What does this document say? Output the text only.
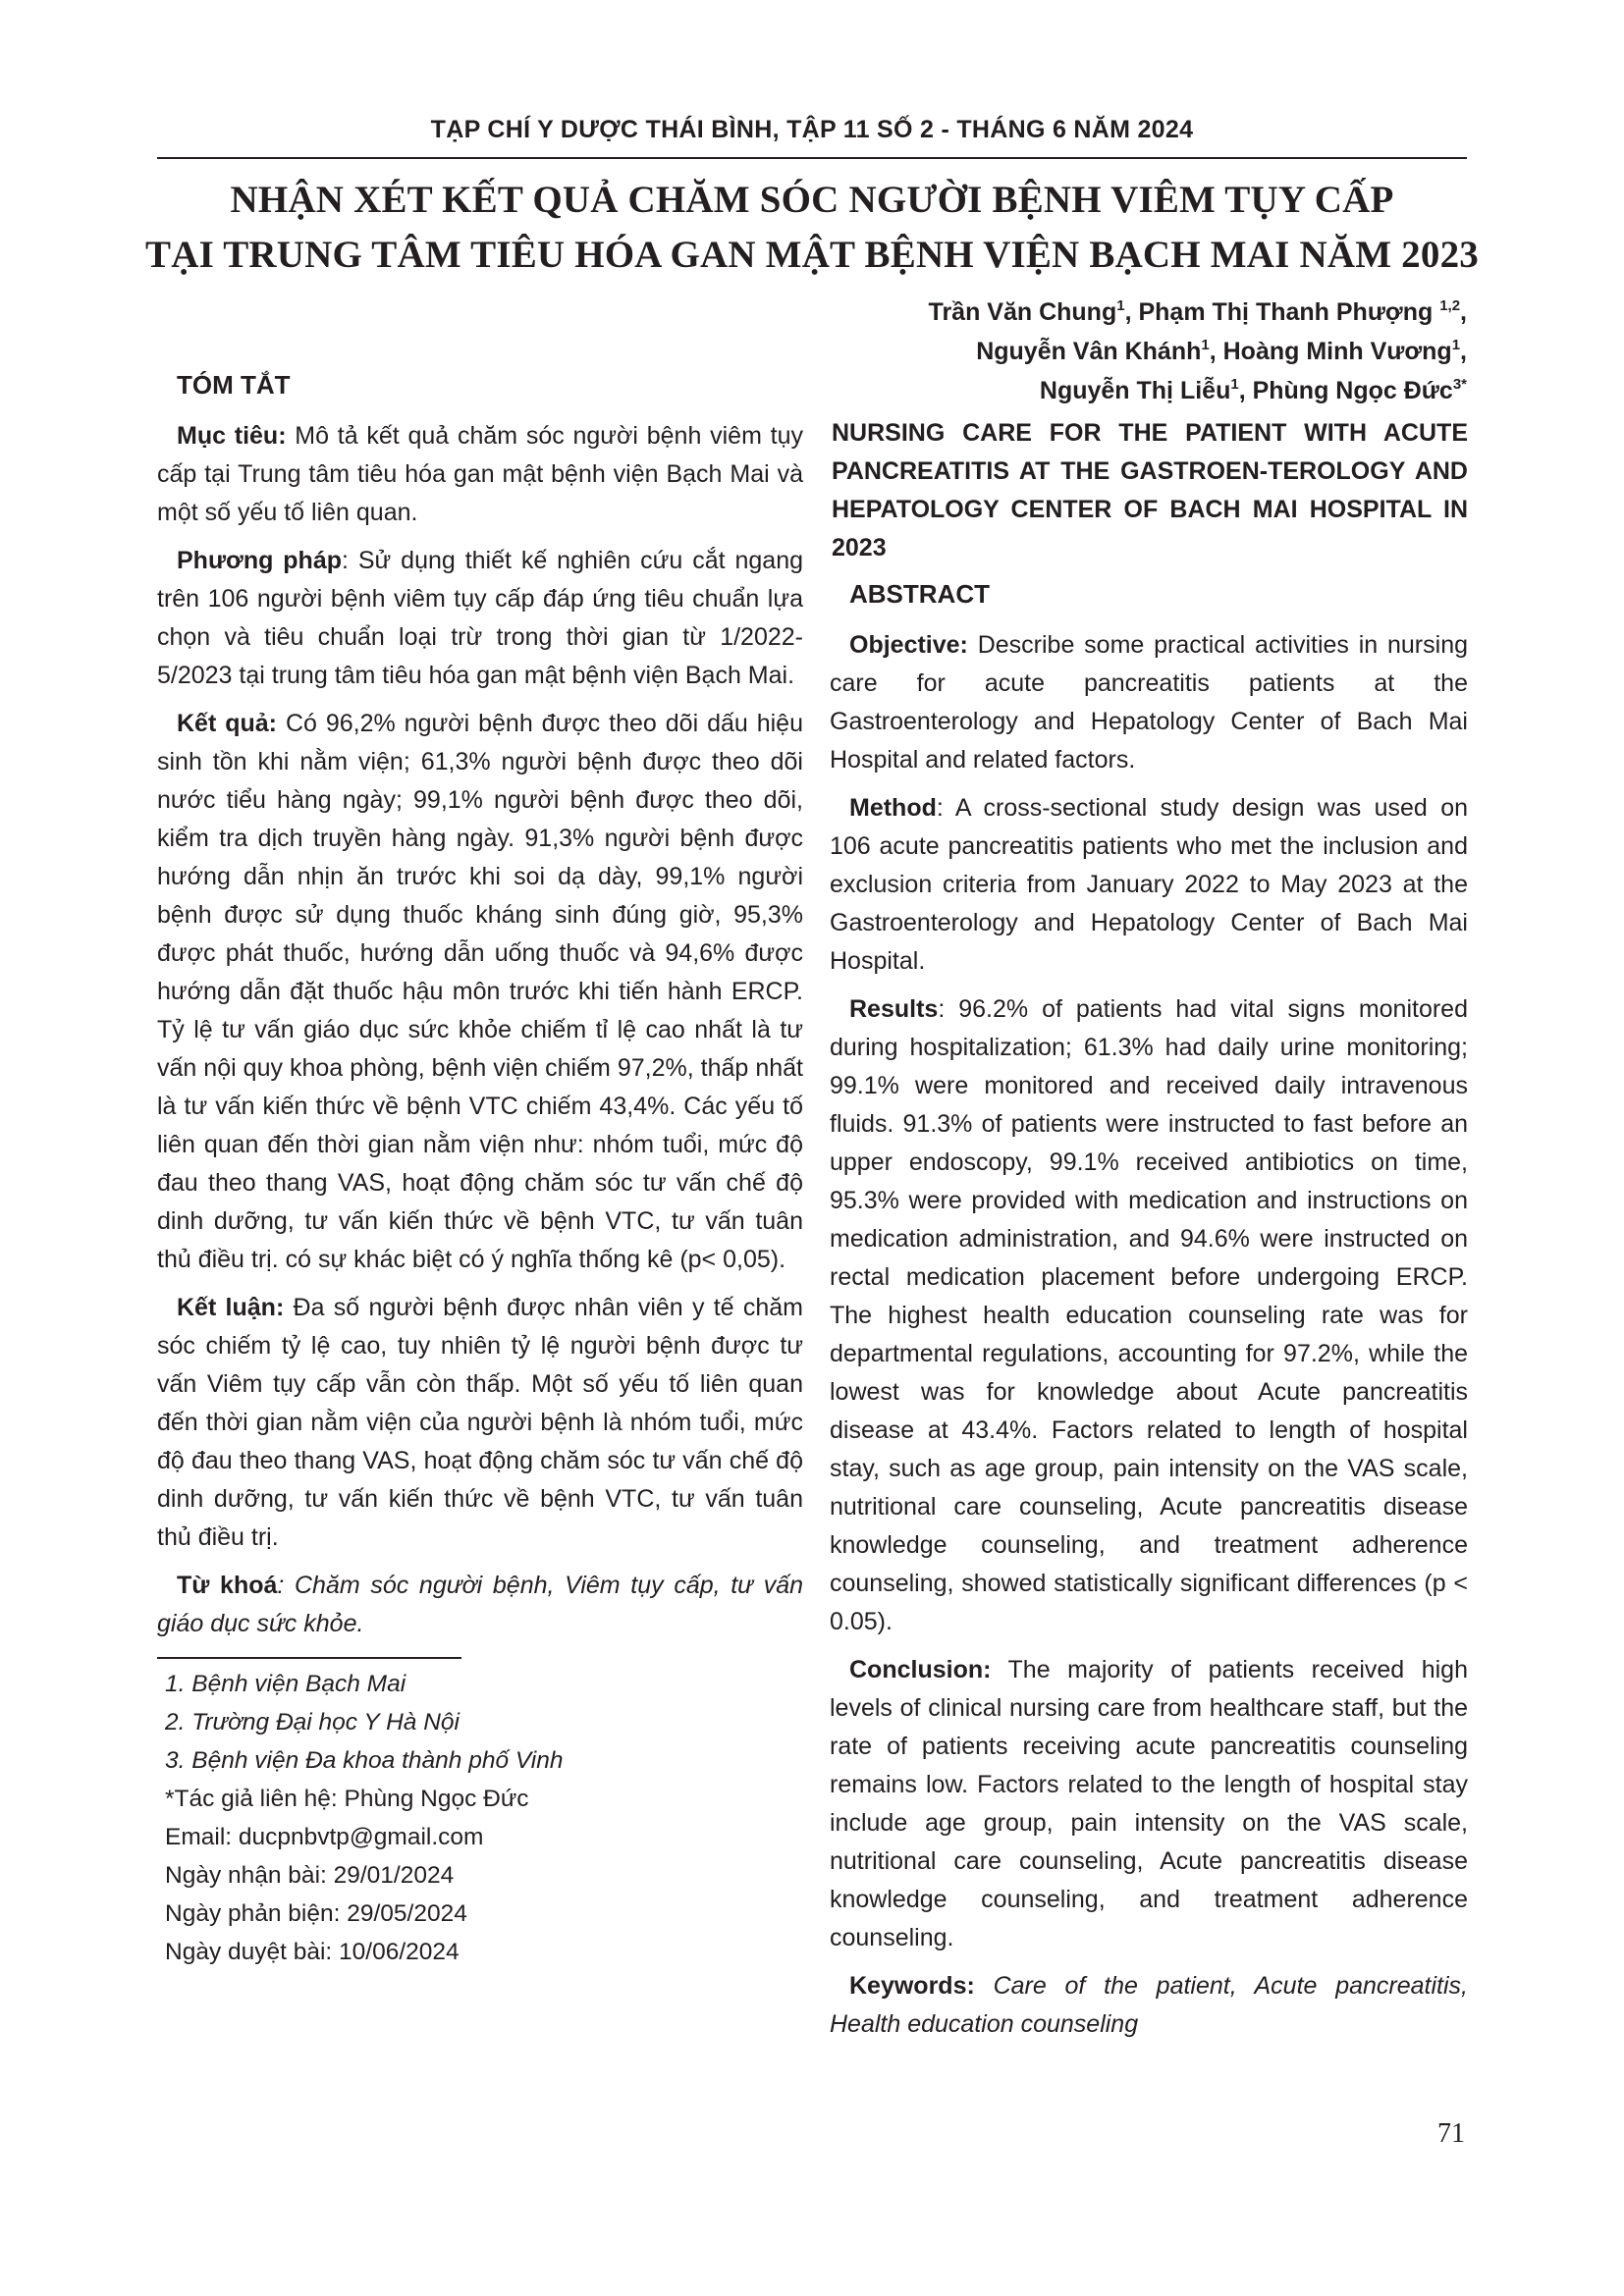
TẠP CHÍ Y DƯỢC THÁI BÌNH, TẬP 11 SỐ 2 - THÁNG 6 NĂM 2024
NHẬN XÉT KẾT QUẢ CHĂM SÓC NGƯỜI BỆNH VIÊM TỤY CẤP
TẠI TRUNG TÂM TIÊU HÓA GAN MẬT BỆNH VIỆN BẠCH MAI NĂM 2023
Trần Văn Chung$^1$, Phạm Thị Thanh Phượng $^{1,2}$,
Nguyễn Vân Khánh$^1$, Hoàng Minh Vương$^1$,
Nguyễn Thị Liễu$^1$, Phùng Ngọc Đức$^{3*}$
TÓM TẮT

Mục tiêu: Mô tả kết quả chăm sóc người bệnh viêm tụy cấp tại Trung tâm tiêu hóa gan mật bệnh viện Bạch Mai và một số yếu tố liên quan.

Phương pháp: Sử dụng thiết kế nghiên cứu cắt ngang trên 106 người bệnh viêm tụy cấp đáp ứng tiêu chuẩn lựa chọn và tiêu chuẩn loại trừ trong thời gian từ 1/2022-5/2023 tại trung tâm tiêu hóa gan mật bệnh viện Bạch Mai.

Kết quả: Có 96,2% người bệnh được theo dõi dấu hiệu sinh tồn khi nằm viện; 61,3% người bệnh được theo dõi nước tiểu hàng ngày; 99,1% người bệnh được theo dõi, kiểm tra dịch truyền hàng ngày. 91,3% người bệnh được hướng dẫn nhịn ăn trước khi soi dạ dày, 99,1% người bệnh được sử dụng thuốc kháng sinh đúng giờ, 95,3% được phát thuốc, hướng dẫn uống thuốc và 94,6% được hướng dẫn đặt thuốc hậu môn trước khi tiến hành ERCP. Tỷ lệ tư vấn giáo dục sức khỏe chiếm tỉ lệ cao nhất là tư vấn nội quy khoa phòng, bệnh viện chiếm 97,2%, thấp nhất là tư vấn kiến thức về bệnh VTC chiếm 43,4%. Các yếu tố liên quan đến thời gian nằm viện như: nhóm tuổi, mức độ đau theo thang VAS, hoạt động chăm sóc tư vấn chế độ dinh dưỡng, tư vấn kiến thức về bệnh VTC, tư vấn tuân thủ điều trị. có sự khác biệt có ý nghĩa thống kê (p< 0,05).

Kết luận: Đa số người bệnh được nhân viên y tế chăm sóc chiếm tỷ lệ cao, tuy nhiên tỷ lệ người bệnh được tư vấn Viêm tụy cấp vẫn còn thấp. Một số yếu tố liên quan đến thời gian nằm viện của người bệnh là nhóm tuổi, mức độ đau theo thang VAS, hoạt động chăm sóc tư vấn chế độ dinh dưỡng, tư vấn kiến thức về bệnh VTC, tư vấn tuân thủ điều trị.

Từ khoá: Chăm sóc người bệnh, Viêm tụy cấp, tư vấn giáo dục sức khỏe.

1. Bệnh viện Bạch Mai
2. Trường Đại học Y Hà Nội
3. Bệnh viện Đa khoa thành phố Vinh
*Tác giả liên hệ: Phùng Ngọc Đức
Email: ducpnbvtp@gmail.com
Ngày nhận bài: 29/01/2024
Ngày phản biện: 29/05/2024
Ngày duyệt bài: 10/06/2024
NURSING CARE FOR THE PATIENT WITH ACUTE PANCREATITIS AT THE GASTROEN-TEROLOGY AND HEPATOLOGY CENTER OF BACH MAI HOSPITAL IN 2023
ABSTRACT

Objective: Describe some practical activities in nursing care for acute pancreatitis patients at the Gastroenterology and Hepatology Center of Bach Mai Hospital and related factors.

Method: A cross-sectional study design was used on 106 acute pancreatitis patients who met the inclusion and exclusion criteria from January 2022 to May 2023 at the Gastroenterology and Hepatology Center of Bach Mai Hospital.

Results: 96.2% of patients had vital signs monitored during hospitalization; 61.3% had daily urine monitoring; 99.1% were monitored and received daily intravenous fluids. 91.3% of patients were instructed to fast before an upper endoscopy, 99.1% received antibiotics on time, 95.3% were provided with medication and instructions on medication administration, and 94.6% were instructed on rectal medication placement before undergoing ERCP. The highest health education counseling rate was for departmental regulations, accounting for 97.2%, while the lowest was for knowledge about Acute pancreatitis disease at 43.4%. Factors related to length of hospital stay, such as age group, pain intensity on the VAS scale, nutritional care counseling, Acute pancreatitis disease knowledge counseling, and treatment adherence counseling, showed statistically significant differences (p < 0.05).

Conclusion: The majority of patients received high levels of clinical nursing care from healthcare staff, but the rate of patients receiving acute pancreatitis counseling remains low. Factors related to the length of hospital stay include age group, pain intensity on the VAS scale, nutritional care counseling, Acute pancreatitis disease knowledge counseling, and treatment adherence counseling.

Keywords: Care of the patient, Acute pancreatitis, Health education counseling

71
